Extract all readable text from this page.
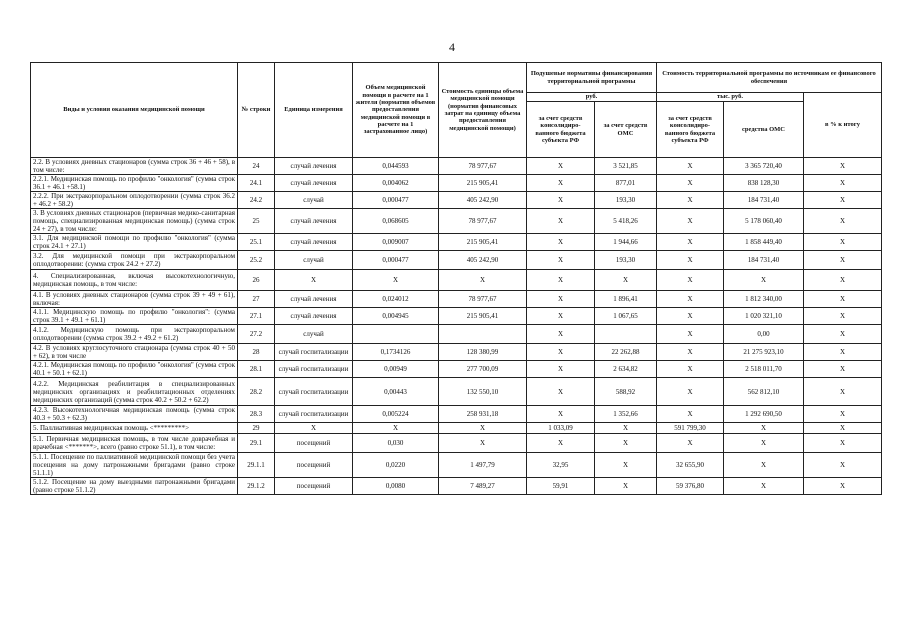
4
Виды и условия оказания медицинской помощи	№ строки	Единица измерения	Объем медицинской помощи в расчете на 1 жителя (норматив объемов предоставления медицинской помощи в расчете на 1 застрахованное лицо)	Стоимость единицы объема медицинской помощи (норматив финансовых затрат на единицу объема предоставления медицинской помощи)	Подушевые нормативы финансирования территориальной программы		Стоимость территориальной программы по источникам ее финансового обеспечения		
					руб.		тыс. руб.		в % к итогу
					за счет средств консолидиро-ванного бюджета субъекта РФ	за счет средств ОМС	за счет средств консолидиро-ванного бюджета субъекта РФ	средства ОМС	
2.2. В условиях дневных стационаров (сумма строк 36 + 46 + 58), в том числе:	24	случай лечения	0,044593	78 977,67	Х	3 521,85	Х	3 365 720,40	Х
2.2.1. Медицинская помощь по профилю "онкология" (сумма строк 36.1 + 46.1 +58.1)	24.1	случай лечения	0,004062	215 905,41	Х	877,01	Х	838 128,30	Х
2.2.2. При экстракорпоральном оплодотворении (сумма строк 36.2 + 46.2 + 58.2)	24.2	случай	0,000477	405 242,90	Х	193,30	Х	184 731,40	Х
3. В условиях дневных стационаров (первичная медико-санитарная помощь, специализированная медицинская помощь) (сумма строк 24 + 27), в том числе:	25	случай лечения	0,068605	78 977,67	Х	5 418,26	Х	5 178 060,40	Х
3.1. Для медицинской помощи по профилю "онкология" (сумма строк 24.1 + 27.1)	25.1	случай лечения	0,009007	215 905,41	Х	1 944,66	Х	1 858 449,40	Х
3.2. Для медицинской помощи при экстракорпоральном оплодотворении: (сумма строк 24.2 + 27.2)	25.2	случай	0,000477	405 242,90	Х	193,30	Х	184 731,40	Х
4. Специализированная, включая высокотехнологичную, медицинская помощь, в том числе:	26	Х	Х	Х	Х	Х	Х	Х	Х
4.1. В условиях дневных стационаров (сумма строк 39 + 49 + 61), включая:	27	случай лечения	0,024012	78 977,67	Х	1 896,41	Х	1 812 340,00	Х
4.1.1. Медицинскую помощь по профилю "онкология": (сумма строк 39.1 + 49.1 + 61.1)	27.1	случай лечения	0,004945	215 905,41	Х	1 067,65	Х	1 020 321,10	Х
4.1.2. Медицинскую помощь при экстракорпоральном оплодотворении (сумма строк 39.2 + 49.2 + 61.2)	27.2	случай			Х		Х	0,00	Х
4.2. В условиях круглосуточного стационара (сумма строк 40 + 50 + 62), в том числе	28	случай госпитализации	0,1734126	128 380,99	Х	22 262,88	Х	21 275 923,10	Х
4.2.1. Медицинская помощь по профилю "онкология" (сумма строк 40.1 + 50.1 + 62.1)	28.1	случай госпитализации	0,00949	277 700,09	Х	2 634,82	Х	2 518 011,70	Х
4.2.2. Медицинская реабилитация в специализированных медицинских организациях и реабилитационных отделениях медицинских организаций (сумма строк 40.2 + 50.2 + 62.2)	28.2	случай госпитализации	0,00443	132 550,10	Х	588,92	Х	562 812,10	Х
4.2.3. Высокотехнологичная медицинская помощь (сумма строк 40.3 + 50.3 + 62.3)	28.3	случай госпитализации	0,005224	258 931,18	Х	1 352,66	Х	1 292 690,50	Х
5. Паллиативная медицинская помощь <*********>	29	Х	Х	Х	1 033,09	Х	591 799,30	Х	Х
5.1. Первичная медицинская помощь, в том числе доврачебная и врачебная <*******>, всего (равно строке 51.1), в том числе:	29.1	посещений	0,030	Х	Х	Х	Х	Х	Х
5.1.1. Посещение по паллиативной медицинской помощи без учета посещения на дому патронажными бригадами (равно строке 51.1.1)	29.1.1	посещений	0,0220	1 497,79	32,95	Х	32 655,90	Х	Х
5.1.2. Посещение на дому выездными патронажными бригадами (равно строке 51.1.2)	29.1.2	посещений	0,0080	7 489,27	59,91	Х	59 376,80	Х	Х
